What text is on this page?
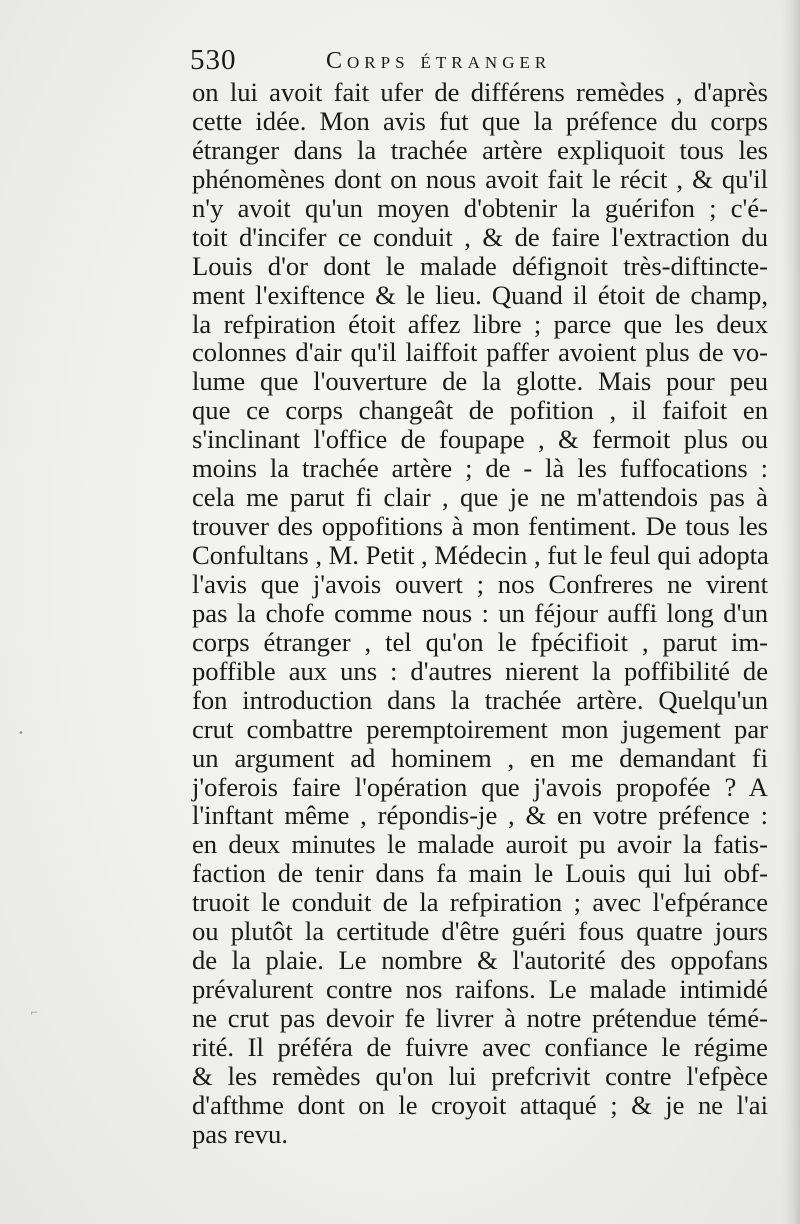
530	Corps étranger
on lui avoit fait ufer de différens remèdes , d'après
cette idée. Mon avis fut que la préfence du corps
étranger dans la trachée artère expliquoit tous les
phénomènes dont on nous avoit fait le récit , & qu'il
n'y avoit qu'un moyen d'obtenir la guérifon ; c'é-
toit d'incifer ce conduit , & de faire l'extraction du
Louis d'or dont le malade défignoit très-diftincte-
ment l'exiftence & le lieu. Quand il étoit de champ,
la refpiration étoit affez libre ; parce que les deux
colonnes d'air qu'il laiffoit paffer avoient plus de vo-
lume que l'ouverture de la glotte. Mais pour peu
que ce corps changeât de pofition , il faifoit en
s'inclinant l'office de foupape , & fermoit plus ou
moins la trachée artère ; de - là les fuffocations :
cela me parut fi clair , que je ne m'attendois pas à
trouver des oppofitions à mon fentiment. De tous les
Confultans , M. Petit , Médecin , fut le feul qui adopta
l'avis que j'avois ouvert ; nos Confreres ne virent
pas la chofe comme nous : un féjour auffi long d'un
corps étranger , tel qu'on le fpécifioit , parut im-
poffible aux uns : d'autres nierent la poffibilité de
fon introduction dans la trachée artère. Quelqu'un
crut combattre peremptoirement mon jugement par
un argument ad hominem , en me demandant fi
j'oferois faire l'opération que j'avois propofée ? A
l'inftant même , répondis-je , & en votre préfence :
en deux minutes le malade auroit pu avoir la fatis-
faction de tenir dans fa main le Louis qui lui obf-
truoit le conduit de la refpiration ; avec l'efpérance
ou plutôt la certitude d'être guéri fous quatre jours
de la plaie. Le nombre & l'autorité des oppofans
prévalurent contre nos raifons. Le malade intimidé
ne crut pas devoir fe livrer à notre prétendue témé-
rité. Il préféra de fuivre avec confiance le régime
& les remèdes qu'on lui prefcrivit contre l'efpèce
d'afthme dont on le croyoit attaqué ; & je ne l'ai
pas revu.
•
⌐
